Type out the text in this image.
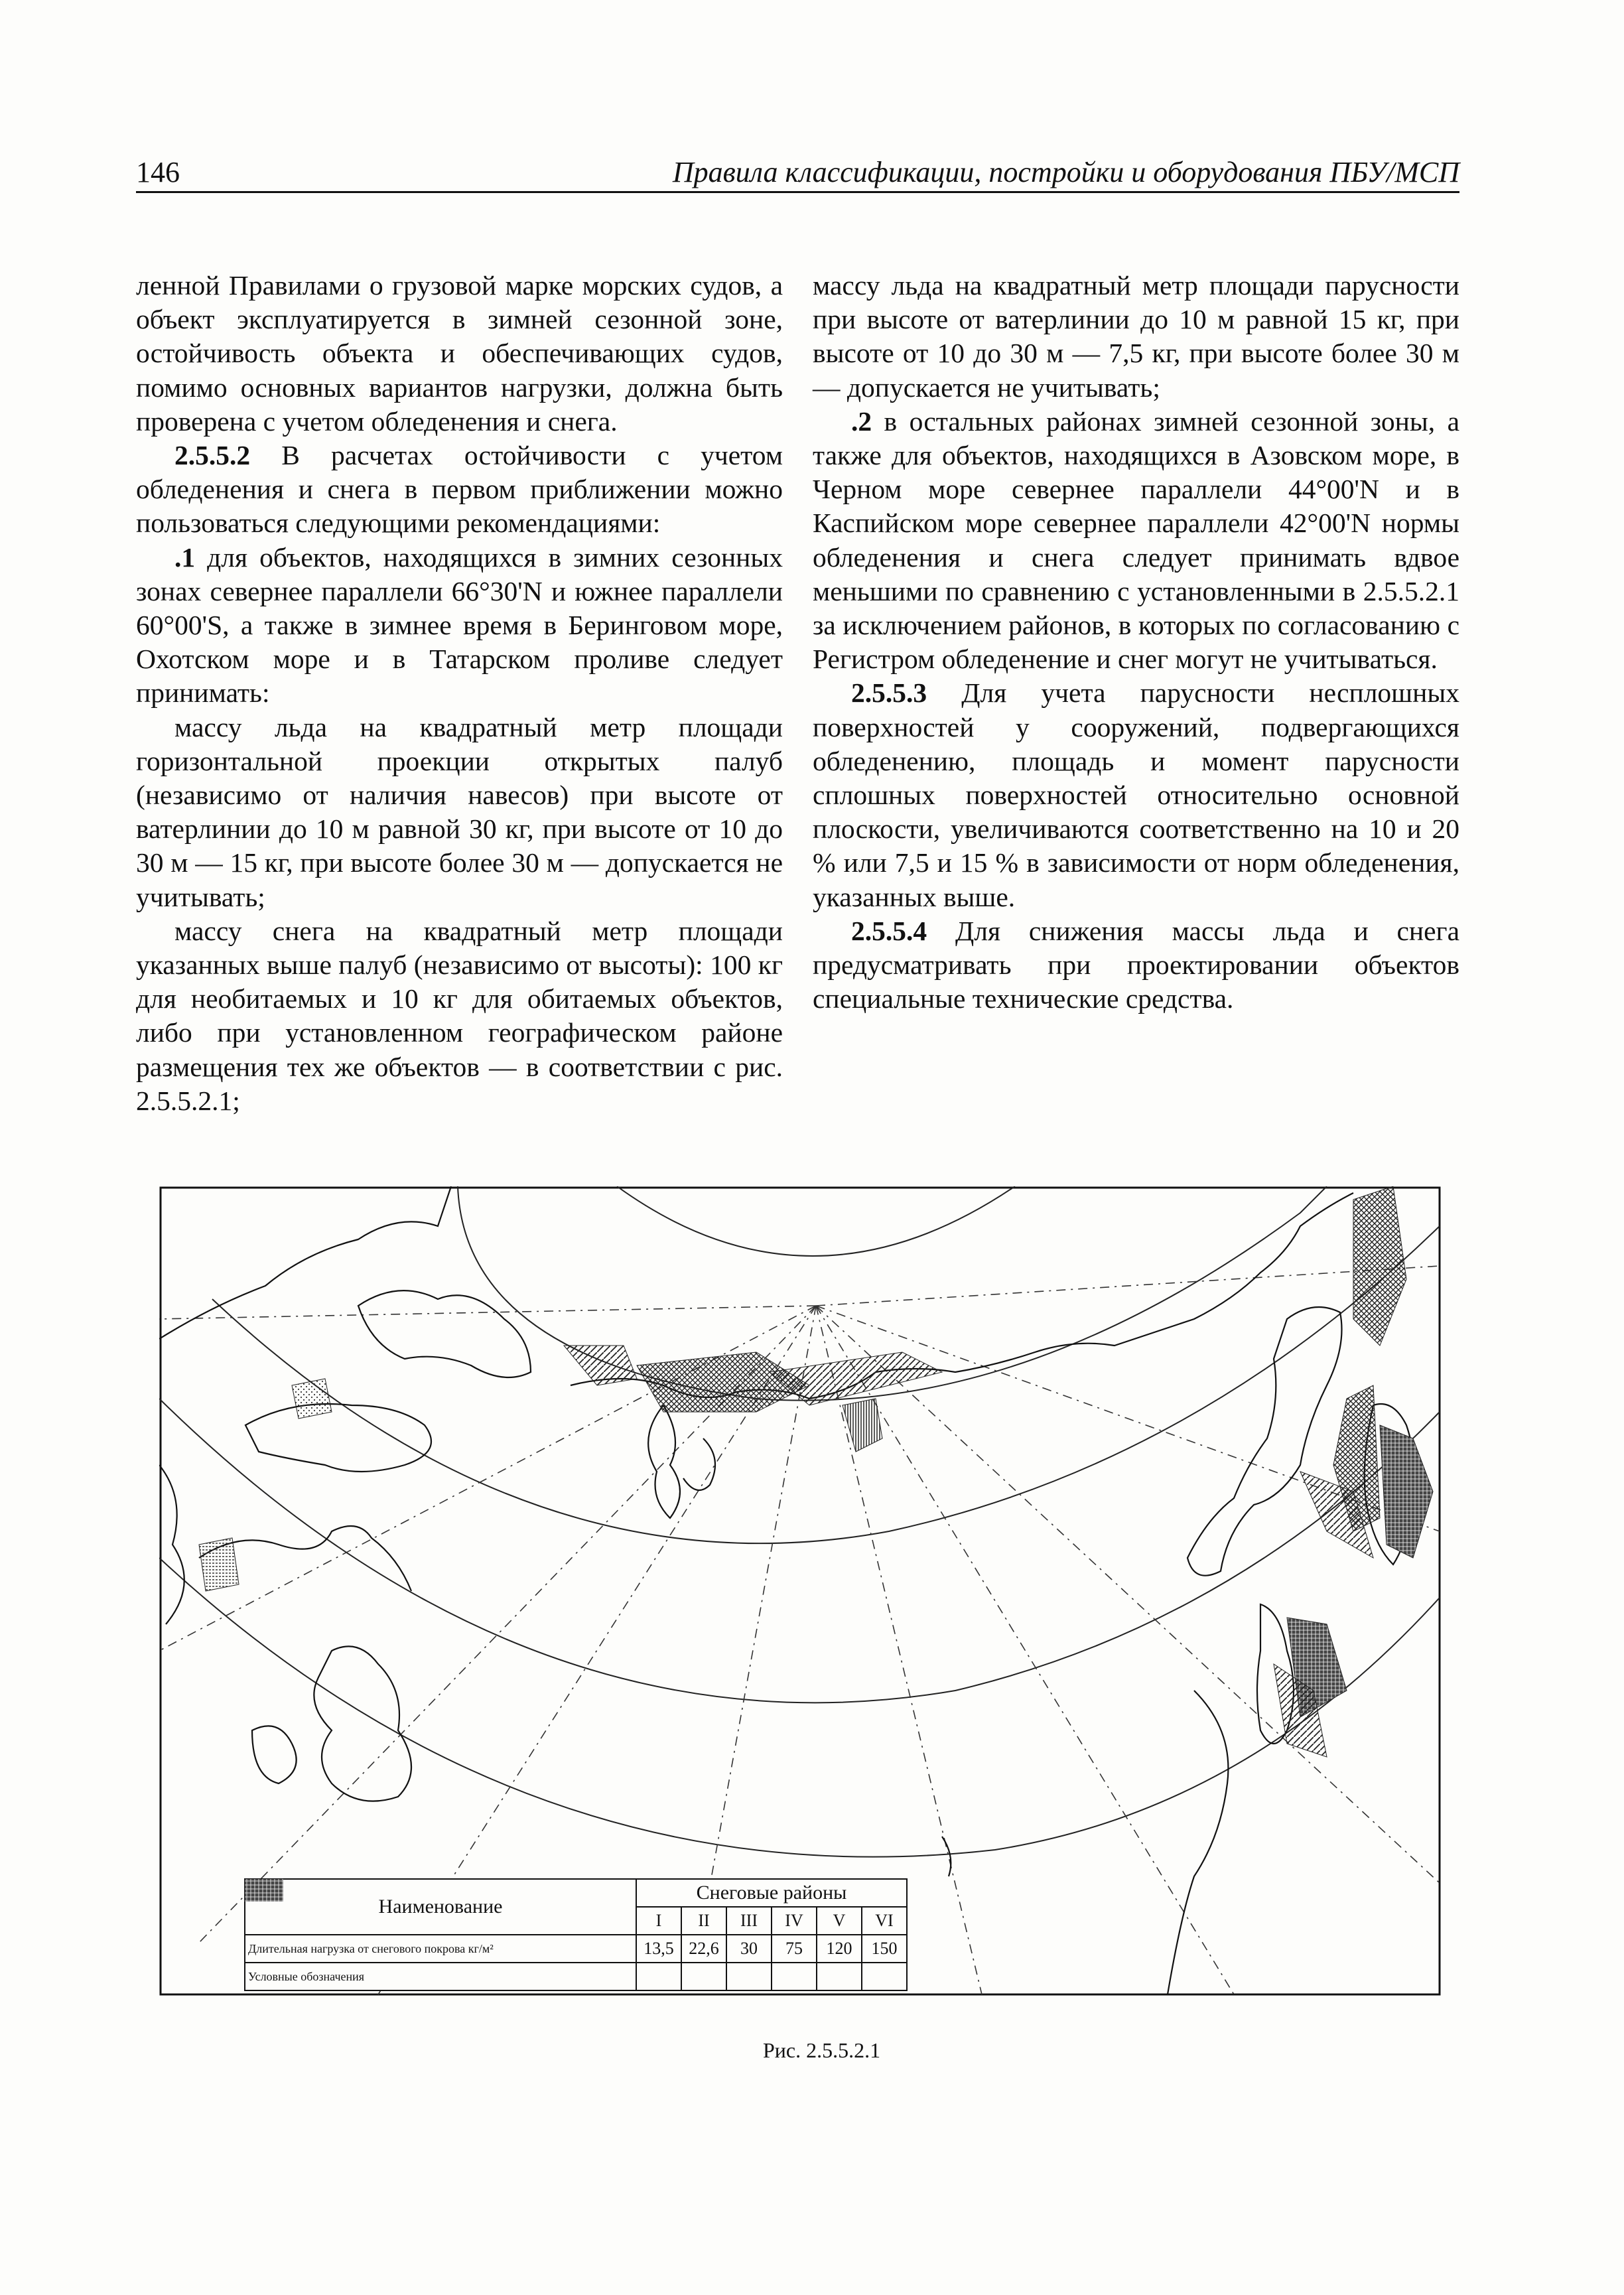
146	Правила классификации, постройки и оборудования ПБУ/МСП

ленной Правилами о грузовой марке морских судов, а объект эксплуатируется в зимней сезонной зоне, остойчивость объекта и обеспечивающих судов, помимо основных вариантов нагрузки, должна быть проверена с учетом обледенения и снега.

2.5.5.2 В расчетах остойчивости с учетом обледенения и снега в первом приближении можно пользоваться следующими рекомендациями:

.1 для объектов, находящихся в зимних сезонных зонах севернее параллели 66°30'N и южнее параллели 60°00'S, а также в зимнее время в Беринговом море, Охотском море и в Татарском проливе следует принимать:

массу льда на квадратный метр площади горизонтальной проекции открытых палуб (независимо от наличия навесов) при высоте от ватерлинии до 10 м равной 30 кг, при высоте от 10 до 30 м — 15 кг, при высоте более 30 м — допускается не учитывать;

массу снега на квадратный метр площади указанных выше палуб (независимо от высоты): 100 кг для необитаемых и 10 кг для обитаемых объектов, либо при установленном географическом районе размещения тех же объектов — в соответствии с рис. 2.5.5.2.1;

массу льда на квадратный метр площади парусности при высоте от ватерлинии до 10 м равной 15 кг, при высоте от 10 до 30 м — 7,5 кг, при высоте более 30 м — допускается не учитывать;

.2 в остальных районах зимней сезонной зоны, а также для объектов, находящихся в Азовском море, в Черном море севернее параллели 44°00'N и в Каспийском море севернее параллели 42°00'N нормы обледенения и снега следует принимать вдвое меньшими по сравнению с установленными в 2.5.5.2.1 за исключением районов, в которых по согласованию с Регистром обледенение и снег могут не учитываться.

2.5.5.3 Для учета парусности несплошных поверхностей у сооружений, подвергающихся обледенению, площадь и момент парусности сплошных поверхностей относительно основной плоскости, увеличиваются соответственно на 10 и 20 % или 7,5 и 15 % в зависимости от норм обледенения, указанных выше.

2.5.5.4 Для снижения массы льда и снега предусматривать при проектировании объектов специальные технические средства.

Наименование	Снеговые районы					
	I	II	III	IV	V	VI
Длительная нагрузка от снегового покрова кг/м²	13,5	22,6	30	75	120	150
Условные обозначения	

Рис. 2.5.5.2.1
